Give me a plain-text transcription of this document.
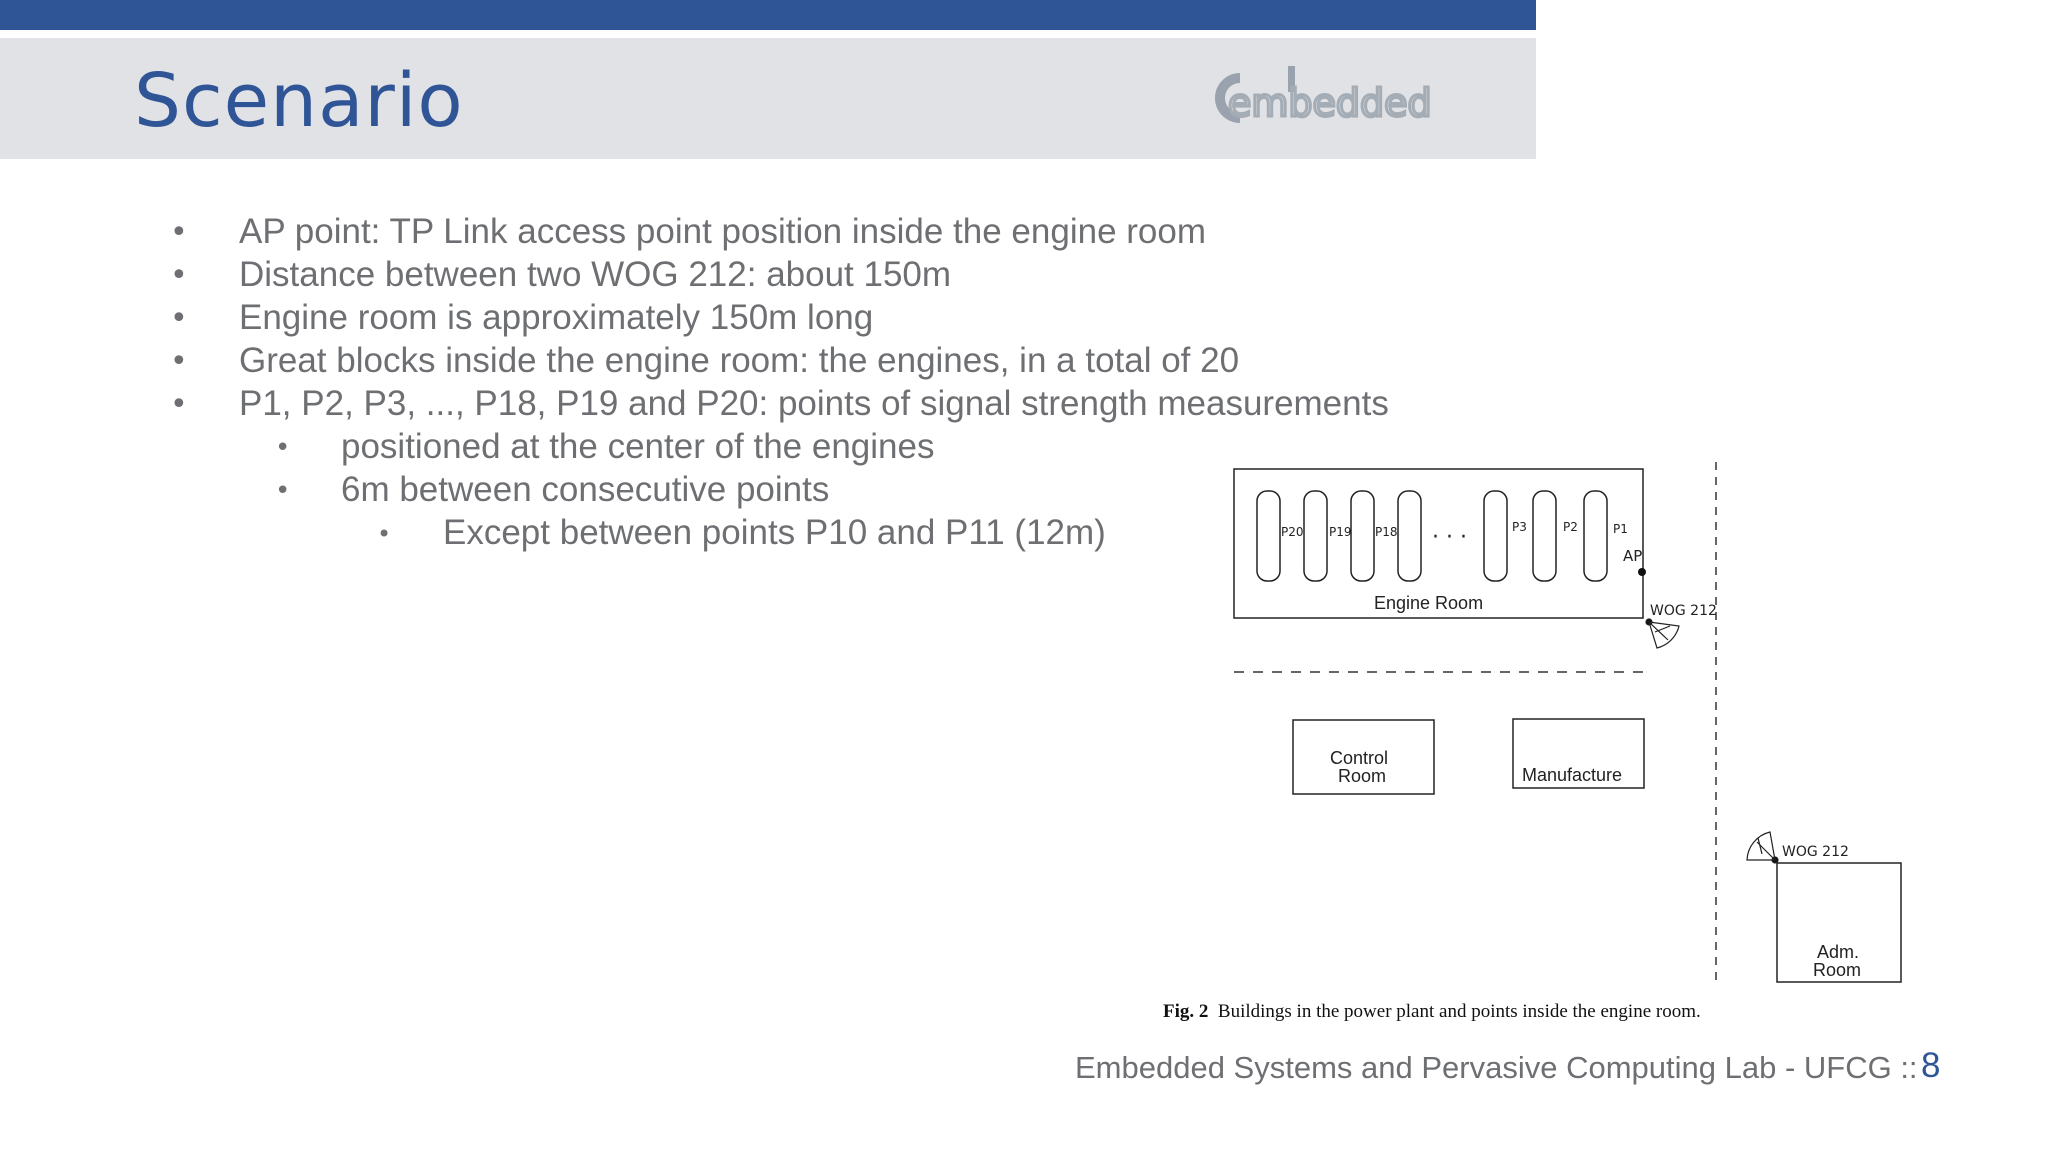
Scenario	embedded
• AP point: TP Link access point position inside the engine room
• Distance between two WOG 212: about 150m
• Engine room is approximately 150m long
• Great blocks inside the engine room: the engines, in a total of 20
• P1, P2, P3, ..., P18, P19 and P20: points of signal strength measurements
• positioned at the center of the engines
• 6m between consecutive points
• Except between points P10 and P11 (12m)	P20 P19 P18	P3	P2	P1
· · ·
AP
Engine Room	WOG 212
Control
Room	Manufacture
WOG 212
Adm.
Room
Fig. 2 Buildings in the power plant and points inside the engine room.
Embedded Systems and Pervasive Computing Lab - UFCG :: 8
